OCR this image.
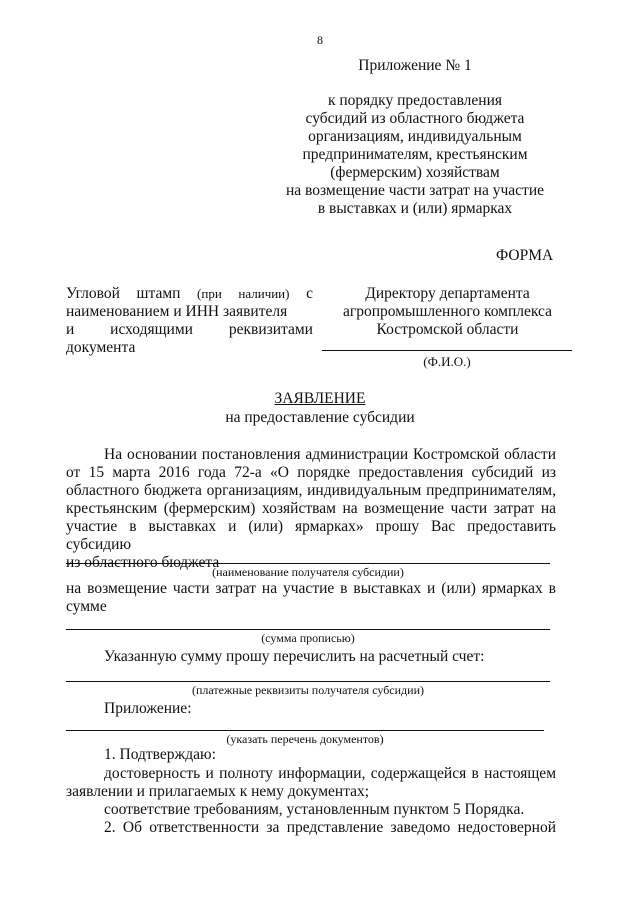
8
Приложение № 1
к порядку предоставления
субсидий из областного бюджета
организациям, индивидуальным
предпринимателям, крестьянским
(фермерским) хозяйствам
на возмещение части затрат на участие
в выставках и (или) ярмарках
ФОРМА
Угловой штамп (при наличии) с
наименованием и ИНН заявителя
и исходящими реквизитами
документа
Директору департамента
агропромышленного комплекса
Костромской области
(Ф.И.О.)
ЗАЯВЛЕНИЕ
на предоставление субсидии
На основании постановления администрации Костромской области
от 15 марта 2016 года 72-а «О порядке предоставления субсидий из
областного бюджета организациям, индивидуальным предпринимателям,
крестьянским (фермерским) хозяйствам на возмещение части затрат на
участие в выставках и (или) ярмарках» прошу Вас предоставить субсидию
из областного бюджета
(наименование получателя субсидии)
на возмещение части затрат на участие в выставках и (или) ярмарках в
сумме
(сумма прописью)
Указанную сумму прошу перечислить на расчетный счет:
(платежные реквизиты получателя субсидии)
Приложение:
(указать перечень документов)
1. Подтверждаю:
достоверность и полноту информации, содержащейся в настоящем
заявлении и прилагаемых к нему документах;
соответствие требованиям, установленным пунктом 5 Порядка.
2. Об ответственности за представление заведомо недостоверной
